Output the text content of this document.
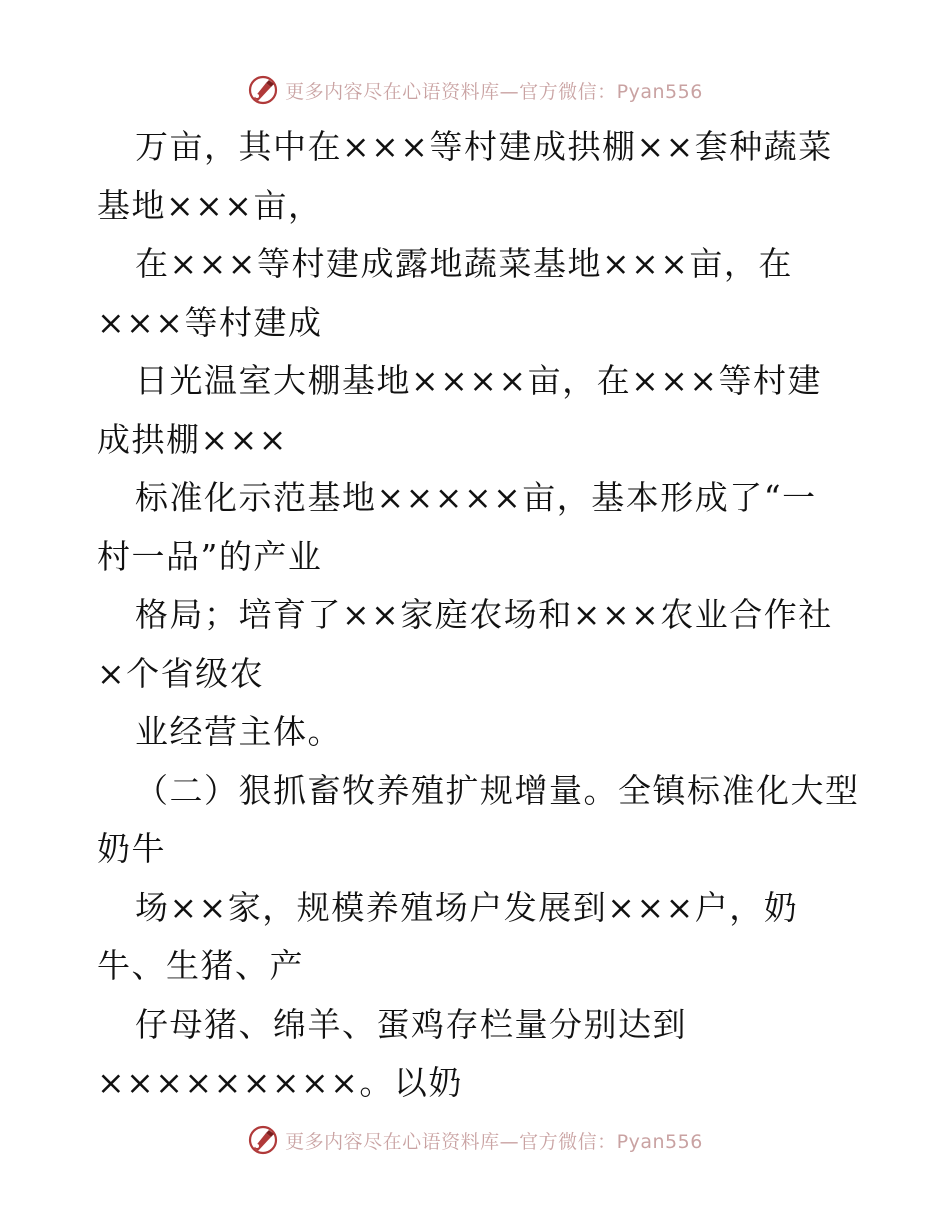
更多内容尽在心语资料库—官方微信：Pyan556
万亩，其中在×××等村建成拱棚××套种蔬菜
基地×××亩，
在×××等村建成露地蔬菜基地×××亩，在
×××等村建成
日光温室大棚基地××××亩，在×××等村建
成拱棚×××
标准化示范基地×××××亩，基本形成了“一
村一品”的产业
格局；培育了××家庭农场和×××农业合作社
×个省级农
业经营主体。
（二）狠抓畜牧养殖扩规增量。全镇标准化大型
奶牛
场××家，规模养殖场户发展到×××户，奶
牛、生猪、产
仔母猪、绵羊、蛋鸡存栏量分别达到
×××××××××。以奶
更多内容尽在心语资料库—官方微信：Pyan556
